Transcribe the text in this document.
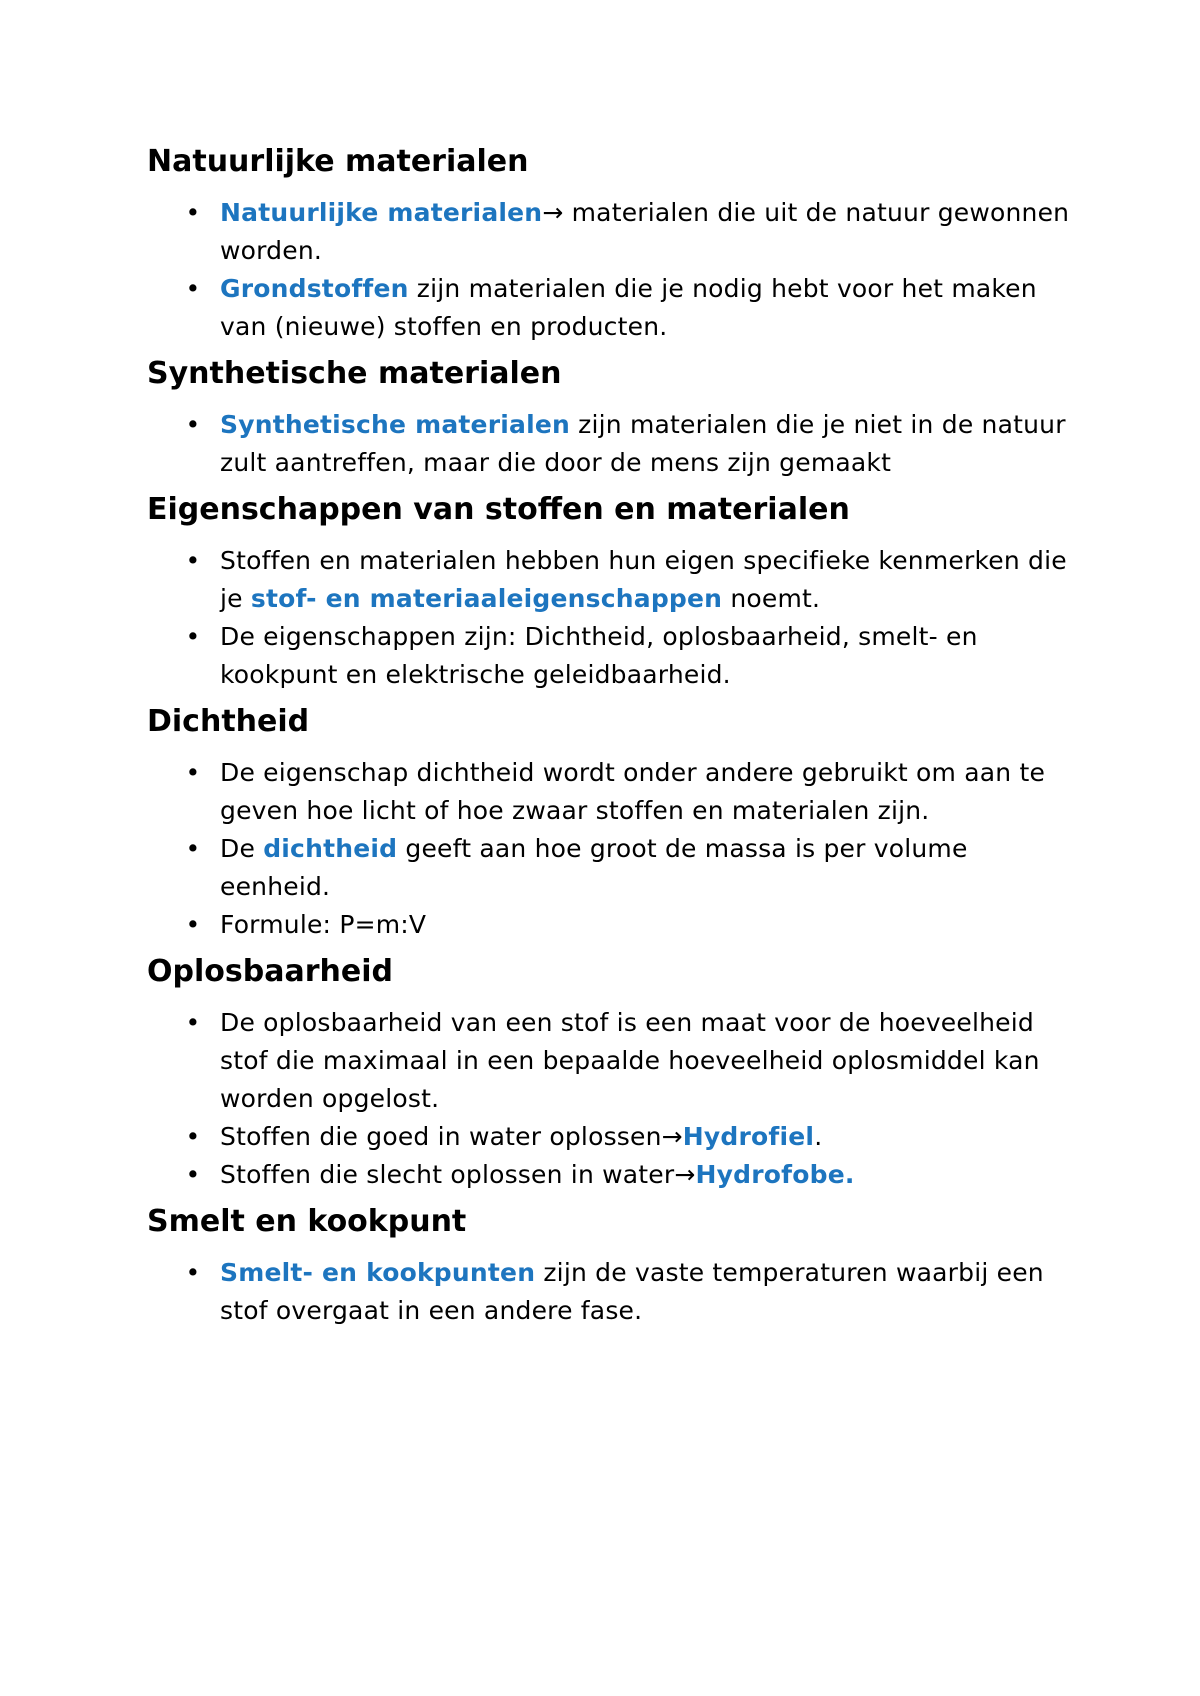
Natuurlijke materialen
• Natuurlijke materialen→ materialen die uit de natuur gewonnen worden.
• Grondstoffen zijn materialen die je nodig hebt voor het maken van (nieuwe) stoffen en producten.
Synthetische materialen
• Synthetische materialen zijn materialen die je niet in de natuur zult aantreffen, maar die door de mens zijn gemaakt
Eigenschappen van stoffen en materialen
• Stoffen en materialen hebben hun eigen specifieke kenmerken die je stof- en materiaaleigenschappen noemt.
• De eigenschappen zijn: Dichtheid, oplosbaarheid, smelt- en kookpunt en elektrische geleidbaarheid.
Dichtheid
• De eigenschap dichtheid wordt onder andere gebruikt om aan te geven hoe licht of hoe zwaar stoffen en materialen zijn.
• De dichtheid geeft aan hoe groot de massa is per volume eenheid.
• Formule: P=m:V
Oplosbaarheid
• De oplosbaarheid van een stof is een maat voor de hoeveelheid stof die maximaal in een bepaalde hoeveelheid oplosmiddel kan worden opgelost.
• Stoffen die goed in water oplossen→Hydrofiel.
• Stoffen die slecht oplossen in water→Hydrofobe.
Smelt en kookpunt
• Smelt- en kookpunten zijn de vaste temperaturen waarbij een stof overgaat in een andere fase.
